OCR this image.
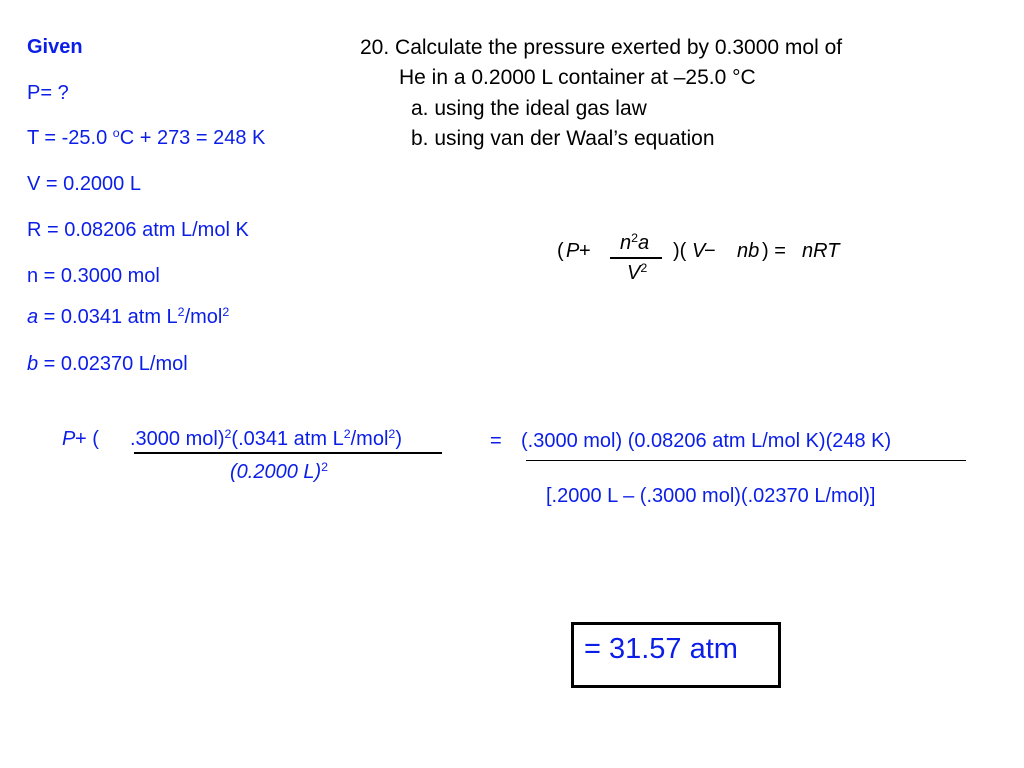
Given
P= ?
T = -25.0 $^o$C + 273 = 248 K
V = 0.2000 L
R = 0.08206 atm L/mol K
n = 0.3000 mol
a = 0.0341 atm $L^2/mol^2$
b = 0.02370 L/mol
20. Calculate the pressure exerted by 0.3000 mol of
He in a 0.2000 L container at –25.0 °C
a. using the ideal gas law
b. using van der Waal’s equation
( $P + n^2a$
$V^2$
)( V
− nb ) = nRT
P + ( .3000 mol)$^2$(.0341 atm $L^2/mol^2$)
(0.2000 L)$^2$
= (.3000 mol) (0.08206 atm L/mol K)(248 K)
[.2000 L – (.3000 mol)(.02370 L/mol)]
= 31.57 atm
